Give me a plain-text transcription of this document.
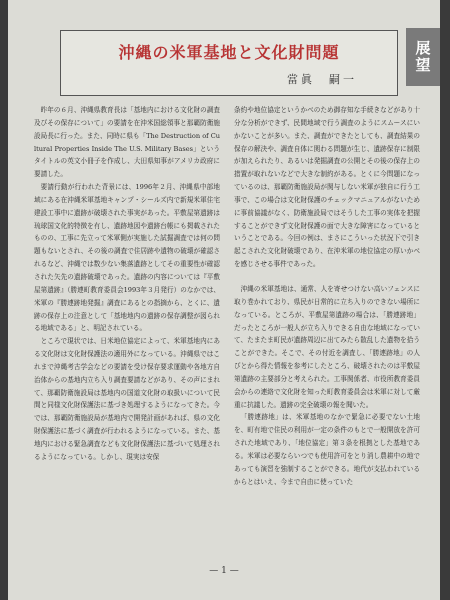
沖縄の米軍基地と文化財問題
當眞　嗣一
展望

昨年の６月、沖縄県教育長は「基地内における文化財の調査及びその保存について」の要請を在沖米国総領事と那覇防衛施設局長に行った。また、同時に県も「The Destruction of Cultural Properties Inside The U.S. Military Bases」というタイトルの英文小冊子を作成し、大田県知事がアメリカ政府に要請した。

要請行動が行われた背景には、1996年２月、沖縄県中部地域にある在沖縄米軍基地キャンプ・シールズ内で新規米軍住宅建設工事中に遺跡が破壊された事実があった。平敷屋第遺跡は琉球国文化的特徴を有し、遺跡地図や遺跡台帳にも掲載されたものの、工事に先立って米軍側が実施した試掘調査では何の問題もないとされ、その後の調査で住居跡や遺物の破壊が確認されるなど、沖縄では数少ない集落遺跡としてその重要性が確認された矢先の遺跡破壊であった。遺跡の内容については『平敷屋第遺跡』（勝連町教育委員会1993年３月発行）のなかでは、米軍の『勝連跡地発掘』調査にあるとの指摘から、とくに、遺跡の保存上の注意として「基地地内の遺跡の保存調整が図られる地域である」と、明記されている。

ところで現状では、日米地位協定によって、米軍基地内にある文化財は文化財保護法の適用外になっている。沖縄県ではこれまで沖縄考古学会などの要請を受け保存要求運動や各地方自治体からの基地内立ち入り調査要請などがあり、その声にまれて、那覇防衛施設局は基地内の国道文化財の取扱いについて民間と同様文化財保護法に基づき処理するようになってきた。今では、那覇防衛施設局が基地内で開発計画があれば、県の文化財保護法に基づく調査が行われるようになっている。また、基地内における緊急調査なども文化財保護法に基づいて処理されるようになっている。しかし、現実は安保

条約や地位協定というかべのため御存知な手続きなどがあり十分な分析ができず、民間地域で行う調査のようにスムースにいかないことが多い。また、調査ができたとしても、調査結果の保存の解決や、調査自体に関わる問題が生じ、遺跡保存に制限が加えられたり、あるいは発掘調査の公開とその後の保存上の措置が取れないなどで大きな制約がある。とくに今問題になっているのは、那覇防衛施設局が関与しない米軍が独自に行う工事で、この場合は文化財保護のチェックマニュアルがないために事前協議がなく、防衛施設局ではそうした工事の実体を把握することができず文化財保護の面で大きな障害になっているということである。今回の例は、まさにこういった状況下で引き起こされた文化財破壊であり、在沖米軍の地位協定の厚いかべを感じさせる事件であった。

沖縄の米軍基地は、通常、人を寄せつけない高いフェンスに取り巻かれており、県民が日常的に立ち入りのできない場所になっている。ところが、平敷屋第遺跡の場合は、「勝連跡地」だったところが一般人が立ち入りできる自由な地域になっていて、たまたま町民が遺跡周辺に出てみたら散乱した遺物を拾うことができた。そこで、その付近を調査し、「勝連跡地」の人びとから得た情報を参考にしたところ、破壊されたのは平敷屋第遺跡の主要部分と考えられた。工事関係者、市役所教育委員会からの連絡で文化財を知った町教育委員会は米軍に対して厳重に抗議した。遺跡の完全破壊の報を聞いた。

「勝連跡地」は、米軍基地のなかで緊急に必要でない土地を、町有地で住民の利用が一定の条件のもとで一般開放を許可された地域であり、「地位協定」第３条を根拠とした基地である。米軍は必要ならいつでも使用許可をとり消し農耕中の地であっても演習を強制することができる。地代が支払われているからとはいえ、今まで自由に使っていた

— 1 —
